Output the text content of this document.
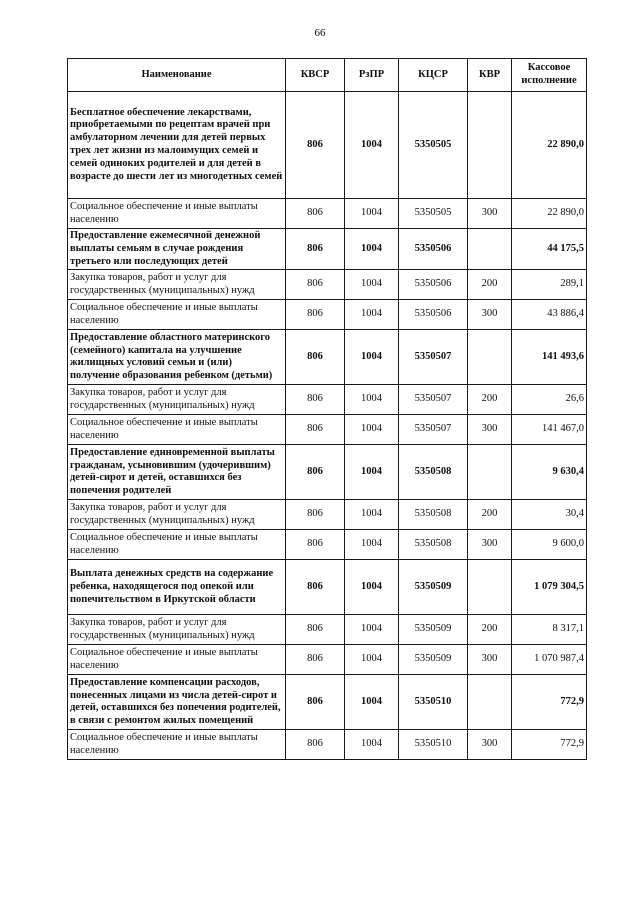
66
Наименование	КВСР	РзПР	КЦСР	КВР	Кассовое исполнение
Бесплатное обеспечение лекарствами, приобретаемыми по рецептам врачей при амбулаторном лечении для детей первых трех лет жизни из малоимущих семей и семей одиноких родителей и для детей в возрасте до шести лет из многодетных семей	806	1004	5350505		22 890,0
Социальное обеспечение и иные выплаты населению	806	1004	5350505	300	22 890,0
Предоставление ежемесячной денежной выплаты семьям в случае рождения третьего или последующих детей	806	1004	5350506		44 175,5
Закупка товаров, работ и услуг для государственных (муниципальных) нужд	806	1004	5350506	200	289,1
Социальное обеспечение и иные выплаты населению	806	1004	5350506	300	43 886,4
Предоставление областного материнского (семейного) капитала на улучшение жилищных условий семьи и (или) получение образования ребенком (детьми)	806	1004	5350507		141 493,6
Закупка товаров, работ и услуг для государственных (муниципальных) нужд	806	1004	5350507	200	26,6
Социальное обеспечение и иные выплаты населению	806	1004	5350507	300	141 467,0
Предоставление единовременной выплаты гражданам, усыновившим (удочерившим) детей-сирот и детей, оставшихся без попечения родителей	806	1004	5350508		9 630,4
Закупка товаров, работ и услуг для государственных (муниципальных) нужд	806	1004	5350508	200	30,4
Социальное обеспечение и иные выплаты населению	806	1004	5350508	300	9 600,0
Выплата денежных средств на содержание ребенка, находящегося под опекой или попечительством в Иркутской области	806	1004	5350509		1 079 304,5
Закупка товаров, работ и услуг для государственных (муниципальных) нужд	806	1004	5350509	200	8 317,1
Социальное обеспечение и иные выплаты населению	806	1004	5350509	300	1 070 987,4
Предоставление компенсации расходов, понесенных лицами из числа детей-сирот и детей, оставшихся без попечения родителей, в связи с ремонтом жилых помещений	806	1004	5350510		772,9
Социальное обеспечение и иные выплаты населению	806	1004	5350510	300	772,9
